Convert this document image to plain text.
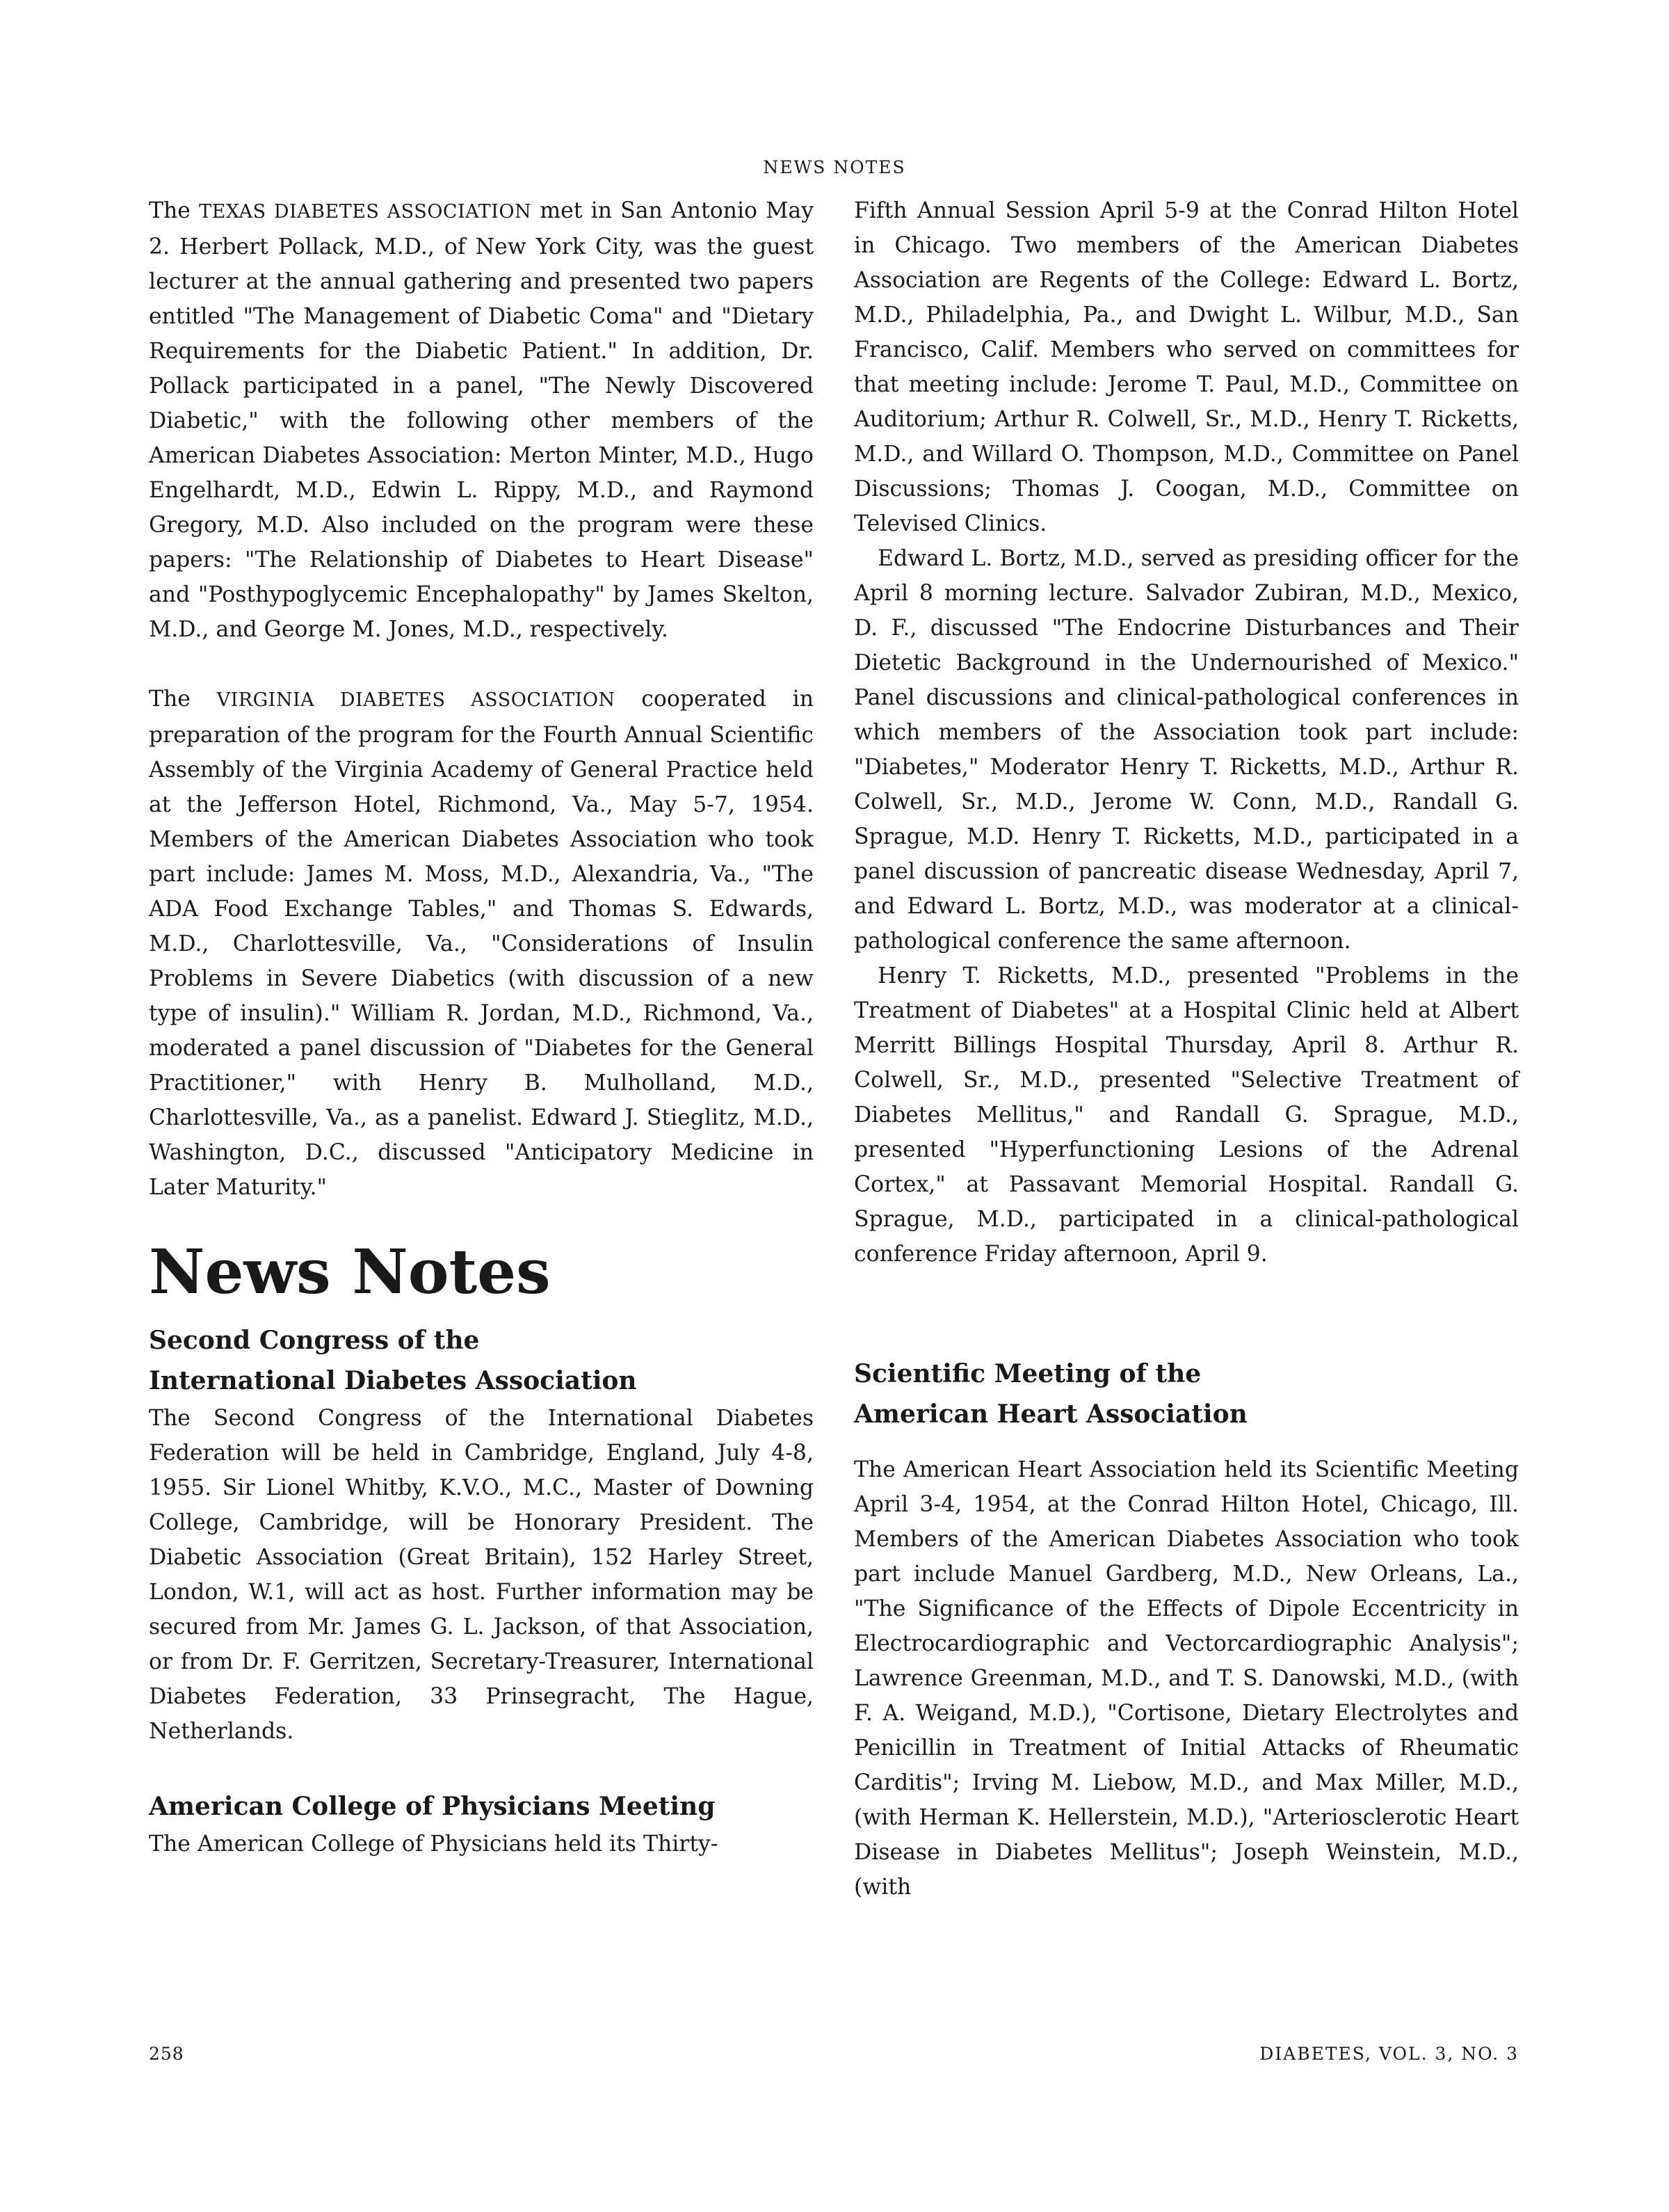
NEWS NOTES

The TEXAS DIABETES ASSOCIATION met in San Antonio May 2. Herbert Pollack, M.D., of New York City, was the guest lecturer at the annual gathering and presented two papers entitled "The Management of Diabetic Coma" and "Dietary Requirements for the Diabetic Patient." In addition, Dr. Pollack participated in a panel, "The Newly Discovered Diabetic," with the following other members of the American Diabetes Association: Merton Minter, M.D., Hugo Engelhardt, M.D., Edwin L. Rippy, M.D., and Raymond Gregory, M.D. Also included on the program were these papers: "The Relationship of Diabetes to Heart Disease" and "Posthypoglycemic Encephalopathy" by James Skelton, M.D., and George M. Jones, M.D., respectively.

The VIRGINIA DIABETES ASSOCIATION cooperated in preparation of the program for the Fourth Annual Scientific Assembly of the Virginia Academy of General Practice held at the Jefferson Hotel, Richmond, Va., May 5-7, 1954. Members of the American Diabetes Association who took part include: James M. Moss, M.D., Alexandria, Va., "The ADA Food Exchange Tables," and Thomas S. Edwards, M.D., Charlottesville, Va., "Considerations of Insulin Problems in Severe Diabetics (with discussion of a new type of insulin)." William R. Jordan, M.D., Richmond, Va., moderated a panel discussion of "Diabetes for the General Practitioner," with Henry B. Mulholland, M.D., Charlottesville, Va., as a panelist. Edward J. Stieglitz, M.D., Washington, D.C., discussed "Anticipatory Medicine in Later Maturity."

News Notes
Second Congress of the
International Diabetes Association

The Second Congress of the International Diabetes Federation will be held in Cambridge, England, July 4-8, 1955. Sir Lionel Whitby, K.V.O., M.C., Master of Downing College, Cambridge, will be Honorary President. The Diabetic Association (Great Britain), 152 Harley Street, London, W.1, will act as host. Further information may be secured from Mr. James G. L. Jackson, of that Association, or from Dr. F. Gerritzen, Secretary-Treasurer, International Diabetes Federation, 33 Prinsegracht, The Hague, Netherlands.

American College of Physicians Meeting

The American College of Physicians held its Thirty-

Fifth Annual Session April 5-9 at the Conrad Hilton Hotel in Chicago. Two members of the American Diabetes Association are Regents of the College: Edward L. Bortz, M.D., Philadelphia, Pa., and Dwight L. Wilbur, M.D., San Francisco, Calif. Members who served on committees for that meeting include: Jerome T. Paul, M.D., Committee on Auditorium; Arthur R. Colwell, Sr., M.D., Henry T. Ricketts, M.D., and Willard O. Thompson, M.D., Committee on Panel Discussions; Thomas J. Coogan, M.D., Committee on Televised Clinics.

Edward L. Bortz, M.D., served as presiding officer for the April 8 morning lecture. Salvador Zubiran, M.D., Mexico, D. F., discussed "The Endocrine Disturbances and Their Dietetic Background in the Undernourished of Mexico." Panel discussions and clinical-pathological conferences in which members of the Association took part include: "Diabetes," Moderator Henry T. Ricketts, M.D., Arthur R. Colwell, Sr., M.D., Jerome W. Conn, M.D., Randall G. Sprague, M.D. Henry T. Ricketts, M.D., participated in a panel discussion of pancreatic disease Wednesday, April 7, and Edward L. Bortz, M.D., was moderator at a clinical-pathological conference the same afternoon.

Henry T. Ricketts, M.D., presented "Problems in the Treatment of Diabetes" at a Hospital Clinic held at Albert Merritt Billings Hospital Thursday, April 8. Arthur R. Colwell, Sr., M.D., presented "Selective Treatment of Diabetes Mellitus," and Randall G. Sprague, M.D., presented "Hyperfunctioning Lesions of the Adrenal Cortex," at Passavant Memorial Hospital. Randall G. Sprague, M.D., participated in a clinical-pathological conference Friday afternoon, April 9.

Scientific Meeting of the
American Heart Association

The American Heart Association held its Scientific Meeting April 3-4, 1954, at the Conrad Hilton Hotel, Chicago, Ill. Members of the American Diabetes Association who took part include Manuel Gardberg, M.D., New Orleans, La., "The Significance of the Effects of Dipole Eccentricity in Electrocardiographic and Vectorcardiographic Analysis"; Lawrence Greenman, M.D., and T. S. Danowski, M.D., (with F. A. Weigand, M.D.), "Cortisone, Dietary Electrolytes and Penicillin in Treatment of Initial Attacks of Rheumatic Carditis"; Irving M. Liebow, M.D., and Max Miller, M.D., (with Herman K. Hellerstein, M.D.), "Arteriosclerotic Heart Disease in Diabetes Mellitus"; Joseph Weinstein, M.D., (with

258	DIABETES, VOL. 3, NO. 3
